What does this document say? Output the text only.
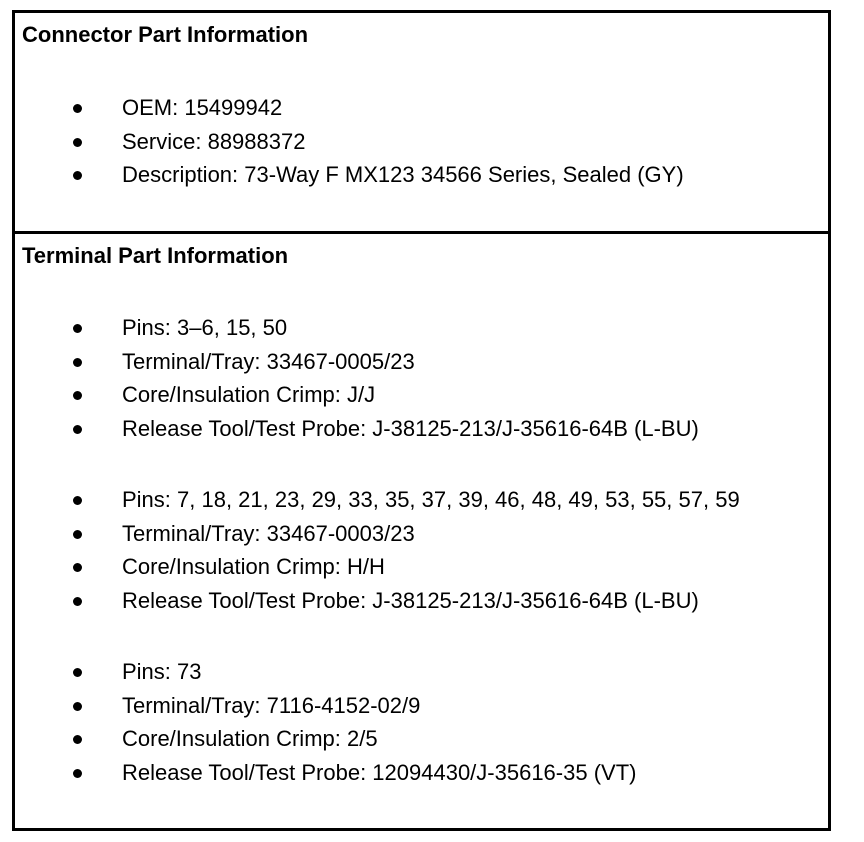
Connector Part Information
OEM: 15499942
Service: 88988372
Description: 73-Way F MX123 34566 Series, Sealed (GY)
Terminal Part Information
Pins: 3–6, 15, 50
Terminal/Tray: 33467-0005/23
Core/Insulation Crimp: J/J
Release Tool/Test Probe: J-38125-213/J-35616-64B (L-BU)
Pins: 7, 18, 21, 23, 29, 33, 35, 37, 39, 46, 48, 49, 53, 55, 57, 59
Terminal/Tray: 33467-0003/23
Core/Insulation Crimp: H/H
Release Tool/Test Probe: J-38125-213/J-35616-64B (L-BU)
Pins: 73
Terminal/Tray: 7116-4152-02/9
Core/Insulation Crimp: 2/5
Release Tool/Test Probe: 12094430/J-35616-35 (VT)
